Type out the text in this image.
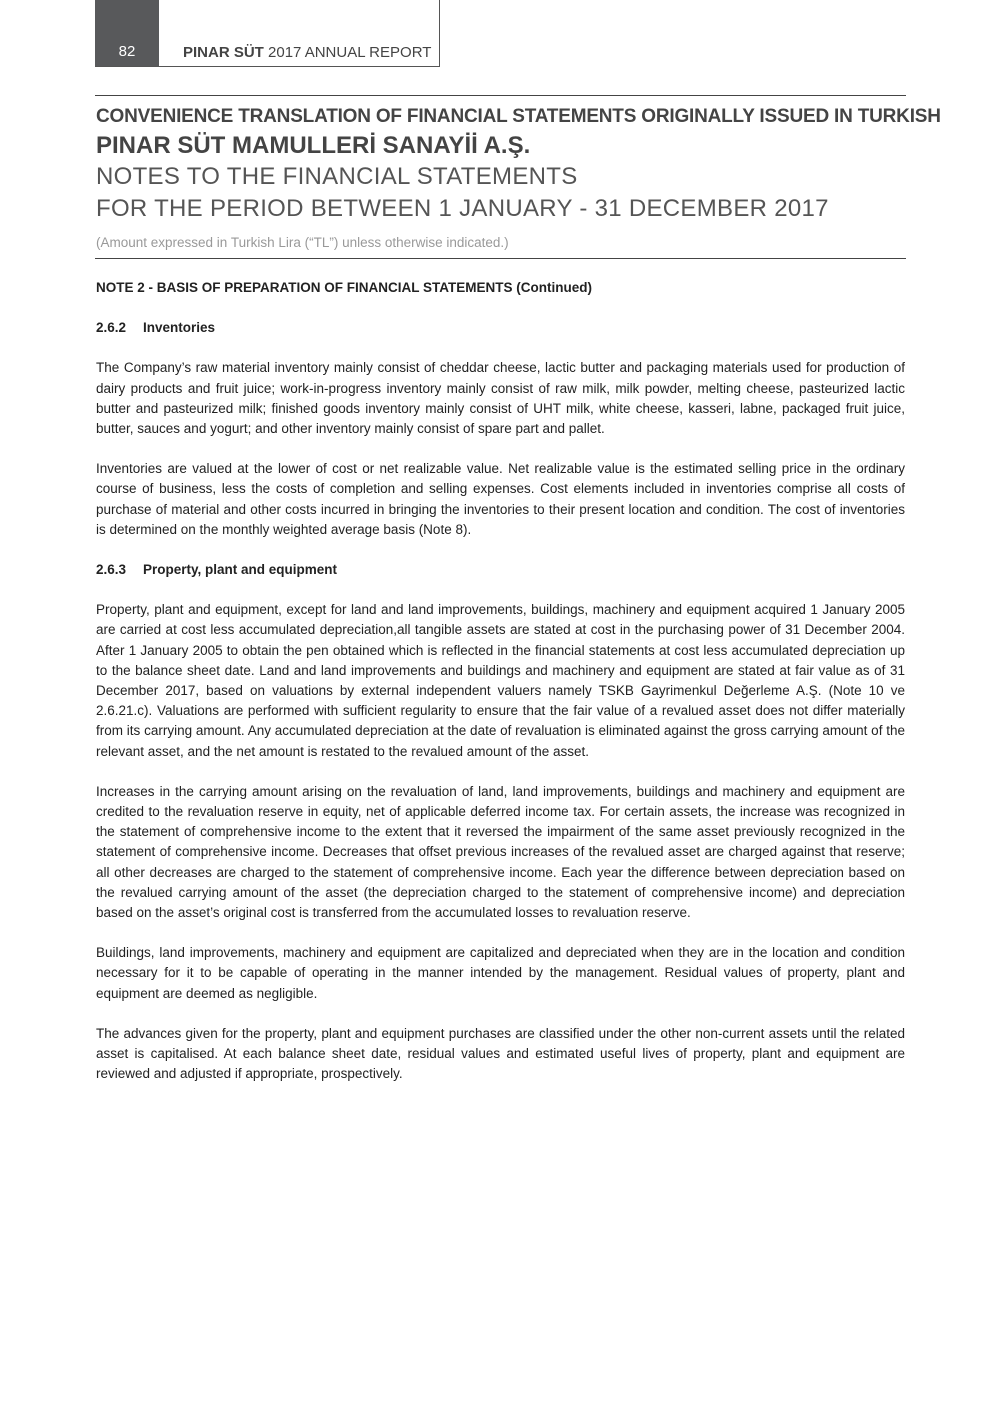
82	PINAR SÜT 2017 ANNUAL REPORT
CONVENIENCE TRANSLATION OF FINANCIAL STATEMENTS ORIGINALLY ISSUED IN TURKISH
PINAR SÜT MAMULLERİ SANAYİİ A.Ş.
NOTES TO THE FINANCIAL STATEMENTS
FOR THE PERIOD BETWEEN 1 JANUARY - 31 DECEMBER 2017
(Amount expressed in Turkish Lira (“TL”) unless otherwise indicated.)
NOTE 2 - BASIS OF PREPARATION OF FINANCIAL STATEMENTS (Continued)
2.6.2 Inventories

The Company’s raw material inventory mainly consist of cheddar cheese, lactic butter and packaging materials used for production of dairy products and fruit juice; work-in-progress inventory mainly consist of raw milk, milk powder, melting cheese, pasteurized lactic butter and pasteurized milk; finished goods inventory mainly consist of UHT milk, white cheese, kasseri, labne, packaged fruit juice, butter, sauces and yogurt; and other inventory mainly consist of spare part and pallet.

Inventories are valued at the lower of cost or net realizable value. Net realizable value is the estimated selling price in the ordinary course of business, less the costs of completion and selling expenses. Cost elements included in inventories comprise all costs of purchase of material and other costs incurred in bringing the inventories to their present location and condition. The cost of inventories is determined on the monthly weighted average basis (Note 8).

2.6.3 Property, plant and equipment

Property, plant and equipment, except for land and land improvements, buildings, machinery and equipment acquired 1 January 2005 are carried at cost less accumulated depreciation,all tangible assets are stated at cost in the purchasing power of 31 December 2004. After 1 January 2005 to obtain the pen obtained which is reflected in the financial statements at cost less accumulated depreciation up to the balance sheet date. Land and land improvements and buildings and machinery and equipment are stated at fair value as of 31 December 2017, based on valuations by external independent valuers namely TSKB Gayrimenkul Değerleme A.Ş. (Note 10 ve 2.6.21.c). Valuations are performed with sufficient regularity to ensure that the fair value of a revalued asset does not differ materially from its carrying amount. Any accumulated depreciation at the date of revaluation is eliminated against the gross carrying amount of the relevant asset, and the net amount is restated to the revalued amount of the asset.

Increases in the carrying amount arising on the revaluation of land, land improvements, buildings and machinery and equipment are credited to the revaluation reserve in equity, net of applicable deferred income tax. For certain assets, the increase was recognized in the statement of comprehensive income to the extent that it reversed the impairment of the same asset previously recognized in the statement of comprehensive income. Decreases that offset previous increases of the revalued asset are charged against that reserve; all other decreases are charged to the statement of comprehensive income. Each year the difference between depreciation based on the revalued carrying amount of the asset (the depreciation charged to the statement of comprehensive income) and depreciation based on the asset’s original cost is transferred from the accumulated losses to revaluation reserve.

Buildings, land improvements, machinery and equipment are capitalized and depreciated when they are in the location and condition necessary for it to be capable of operating in the manner intended by the management. Residual values of property, plant and equipment are deemed as negligible.

The advances given for the property, plant and equipment purchases are classified under the other non-current assets until the related asset is capitalised. At each balance sheet date, residual values and estimated useful lives of property, plant and equipment are reviewed and adjusted if appropriate, prospectively.
